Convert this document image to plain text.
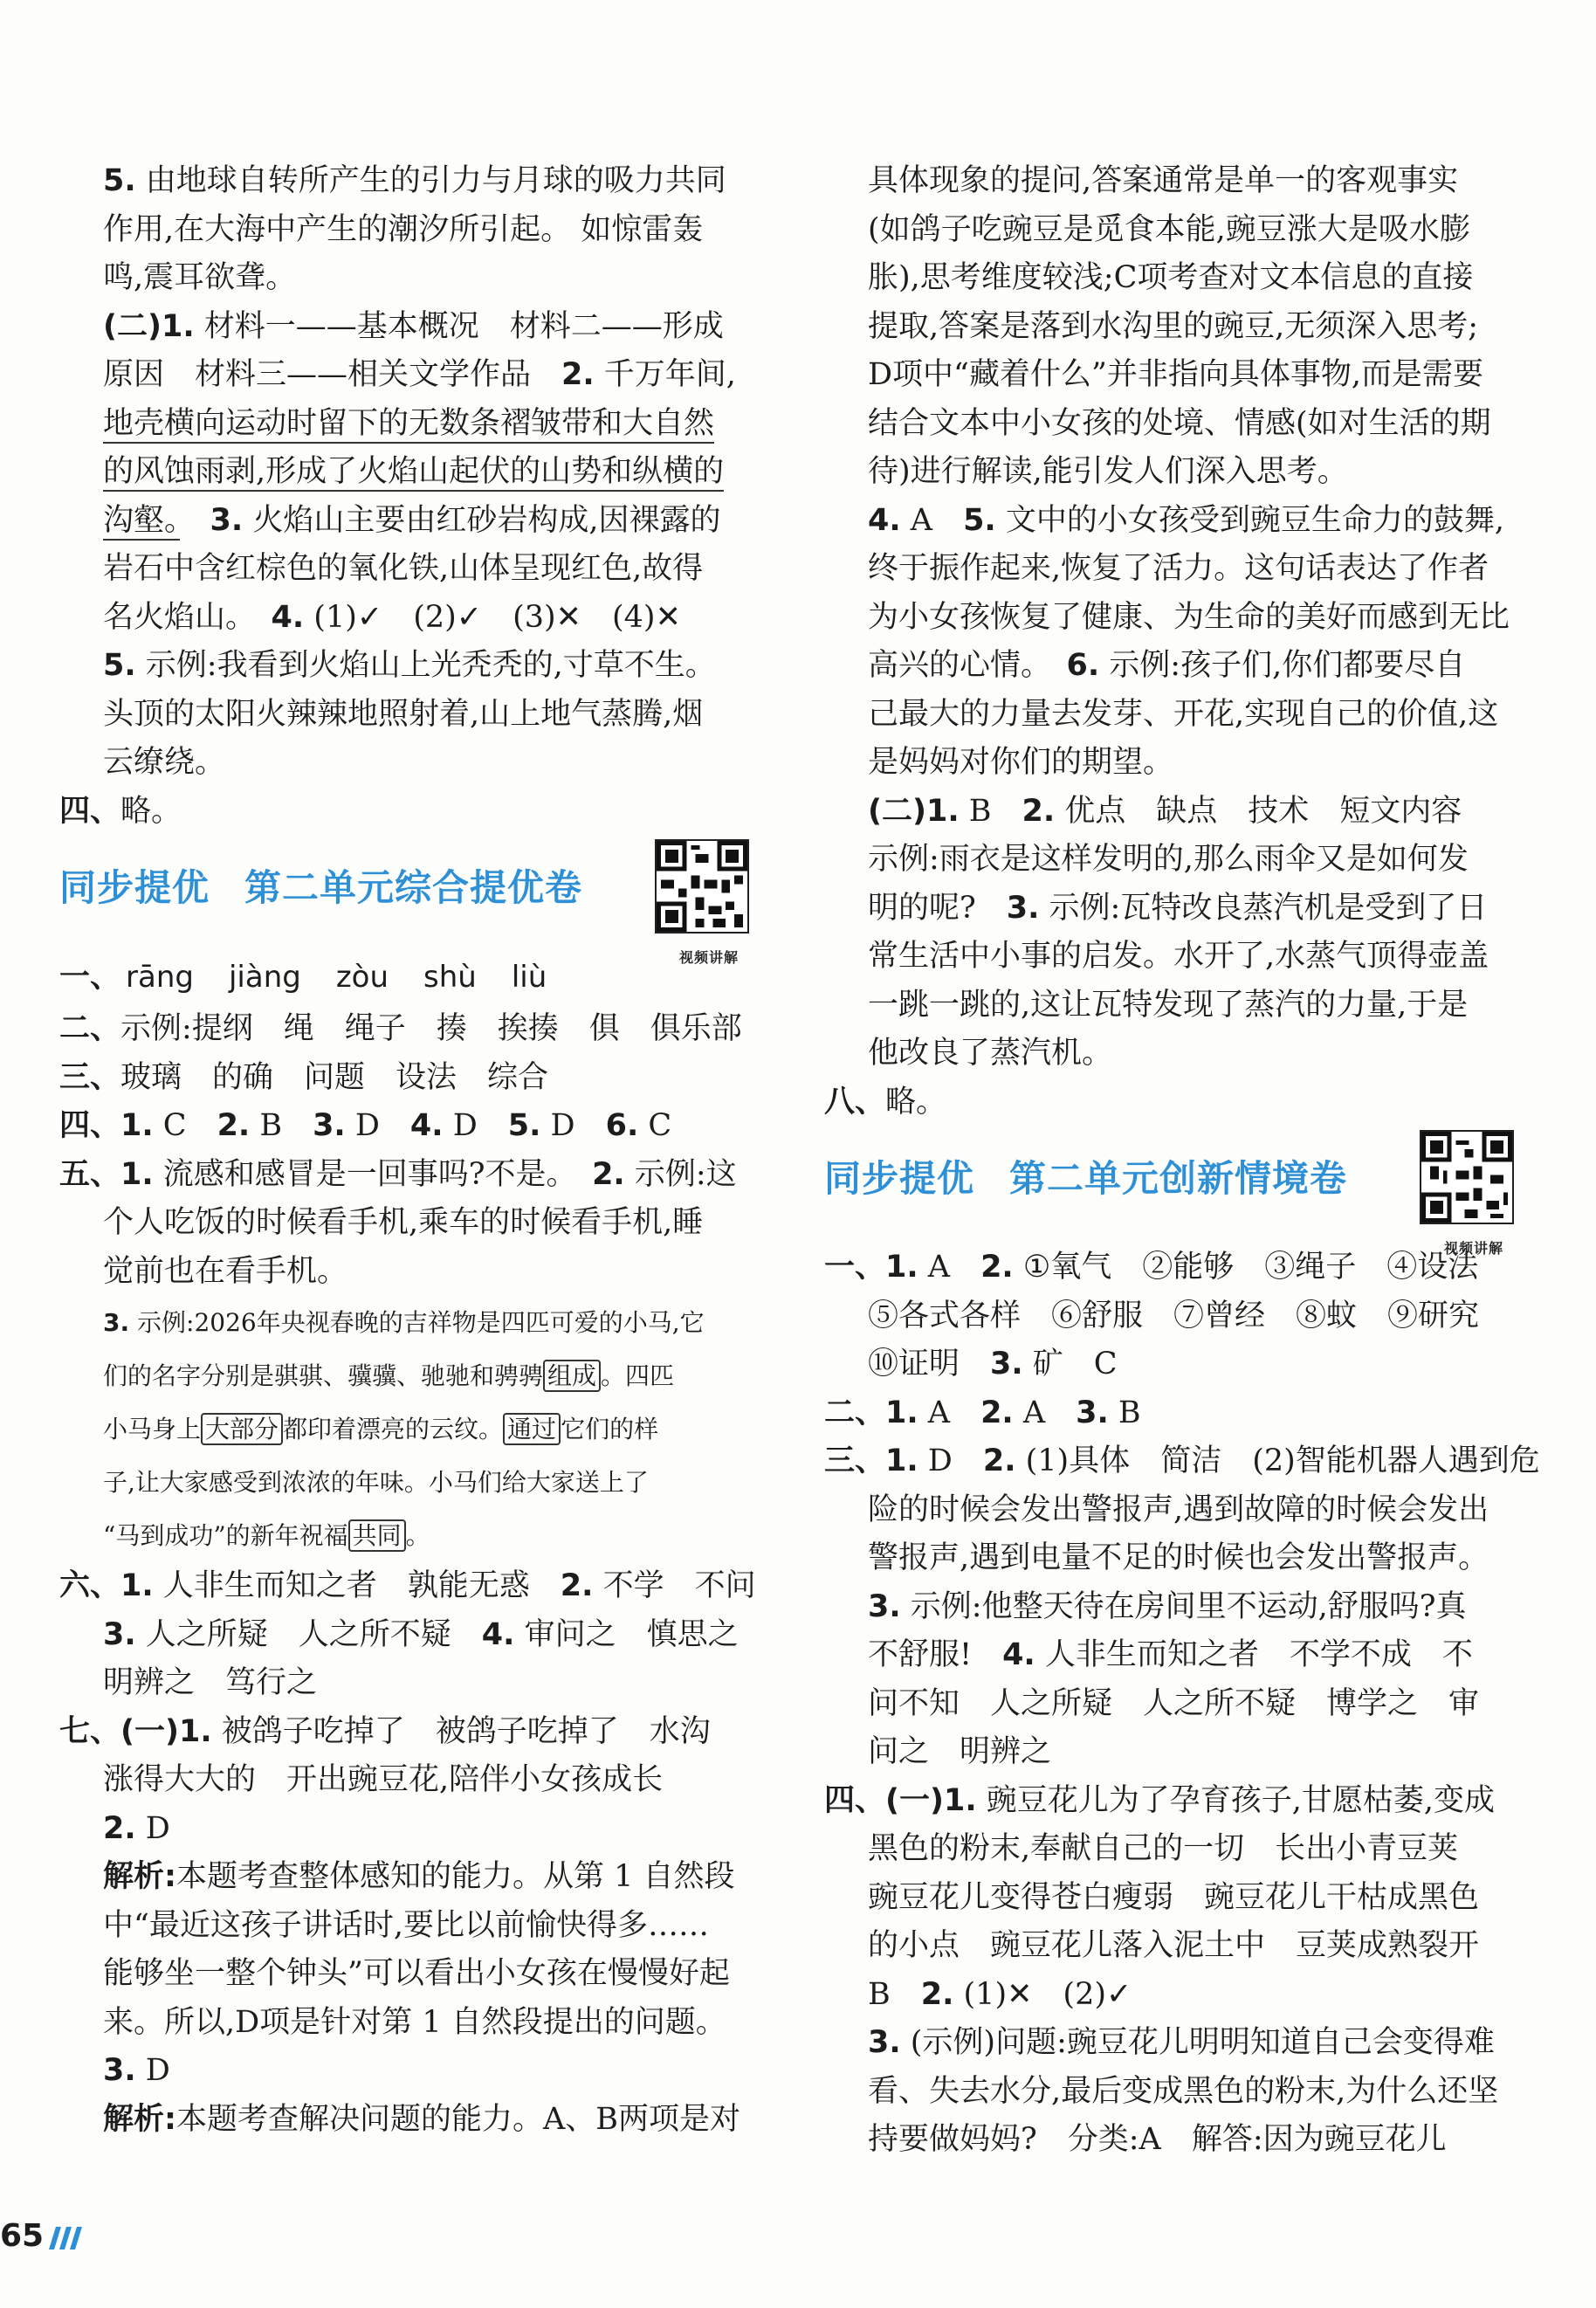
5. 由地球自转所产生的引力与月球的吸力共同
作用,在大海中产生的潮汐所引起。 如惊雷轰
鸣,震耳欲聋。
(二)1. 材料一——基本概况　材料二——形成
原因　材料三——相关文学作品　2. 千万年间,
地壳横向运动时留下的无数条褶皱带和大自然
的风蚀雨剥,形成了火焰山起伏的山势和纵横的
沟壑。　 3. 火焰山主要由红砂岩构成,因裸露的
岩石中含红棕色的氧化铁,山体呈现红色,故得
名火焰山。　4. (1)✓　(2)✓　(3)✕　(4)✕
5. 示例:我看到火焰山上光秃秃的,寸草不生。
头顶的太阳火辣辣地照射着,山上地气蒸腾,烟
云缭绕。
四、略。
同步提优 第二单元综合提优卷
视频讲解
一、 rāng jiàng zòu shù liù
二、示例:提纲　绳　绳子　揍　挨揍　俱　俱乐部
三、玻璃　的确　问题　设法　综合
四、1. C　2. B　3. D　4. D　5. D　6. C
五、1. 流感和感冒是一回事吗?不是。　2. 示例:这
个人吃饭的时候看手机,乘车的时候看手机,睡
觉前也在看手机。
3. 示例:2026年央视春晚的吉祥物是四匹可爱的小马,它
们的名字分别是骐骐、骥骥、驰驰和骋骋 组成 。四匹
小马身上 大部分 都印着漂亮的云纹。 通过 它们的样
子,让大家感受到浓浓的年味。小马们给大家送上了
“马到成功”的新年祝福 共同 。
六、1. 人非生而知之者　孰能无惑　2. 不学　不问
3. 人之所疑　人之所不疑　4. 审问之　慎思之
明辨之　笃行之
七、(一)1. 被鸽子吃掉了　被鸽子吃掉了　水沟
涨得大大的　开出豌豆花,陪伴小女孩成长
2. D
解析:本题考查整体感知的能力。从第 1 自然段
中“最近这孩子讲话时,要比以前愉快得多……
能够坐一整个钟头”可以看出小女孩在慢慢好起
来。所以,D项是针对第 1 自然段提出的问题。
3. D
解析:本题考查解决问题的能力。A、B两项是对
具体现象的提问,答案通常是单一的客观事实
(如鸽子吃豌豆是觅食本能,豌豆涨大是吸水膨
胀),思考维度较浅;C项考查对文本信息的直接
提取,答案是落到水沟里的豌豆,无须深入思考;
D项中“藏着什么”并非指向具体事物,而是需要
结合文本中小女孩的处境、情感(如对生活的期
待)进行解读,能引发人们深入思考。
4. A　5. 文中的小女孩受到豌豆生命力的鼓舞,
终于振作起来,恢复了活力。这句话表达了作者
为小女孩恢复了健康、为生命的美好而感到无比
高兴的心情。　6. 示例:孩子们,你们都要尽自
己最大的力量去发芽、开花,实现自己的价值,这
是妈妈对你们的期望。
(二)1. B　2. 优点　缺点　技术　短文内容
示例:雨衣是这样发明的,那么雨伞又是如何发
明的呢?　3. 示例:瓦特改良蒸汽机是受到了日
常生活中小事的启发。水开了,水蒸气顶得壶盖
一跳一跳的,这让瓦特发现了蒸汽的力量,于是
他改良了蒸汽机。
八、略。
同步提优 第二单元创新情境卷
视频讲解
一、1. A　2. ①氧气　②能够　③绳子　④设法
⑤各式各样　⑥舒服　⑦曾经　⑧蚊　⑨研究
⑩证明　3. 矿　C
二、1. A　2. A　3. B
三、1. D　2. (1)具体　简洁　(2)智能机器人遇到危
险的时候会发出警报声,遇到故障的时候会发出
警报声,遇到电量不足的时候也会发出警报声。
3. 示例:他整天待在房间里不运动,舒服吗?真
不舒服!　4. 人非生而知之者　不学不成　不
问不知　人之所疑　人之所不疑　博学之　审
问之　明辨之
四、(一)1. 豌豆花儿为了孕育孩子,甘愿枯萎,变成
黑色的粉末,奉献自己的一切　长出小青豆荚
豌豆花儿变得苍白瘦弱　豌豆花儿干枯成黑色
的小点　豌豆花儿落入泥土中　豆荚成熟裂开
B　2. (1)✕　(2)✓
3. (示例)问题:豌豆花儿明明知道自己会变得难
看、失去水分,最后变成黑色的粉末,为什么还坚
持要做妈妈?　分类:A　解答:因为豌豆花儿
65
